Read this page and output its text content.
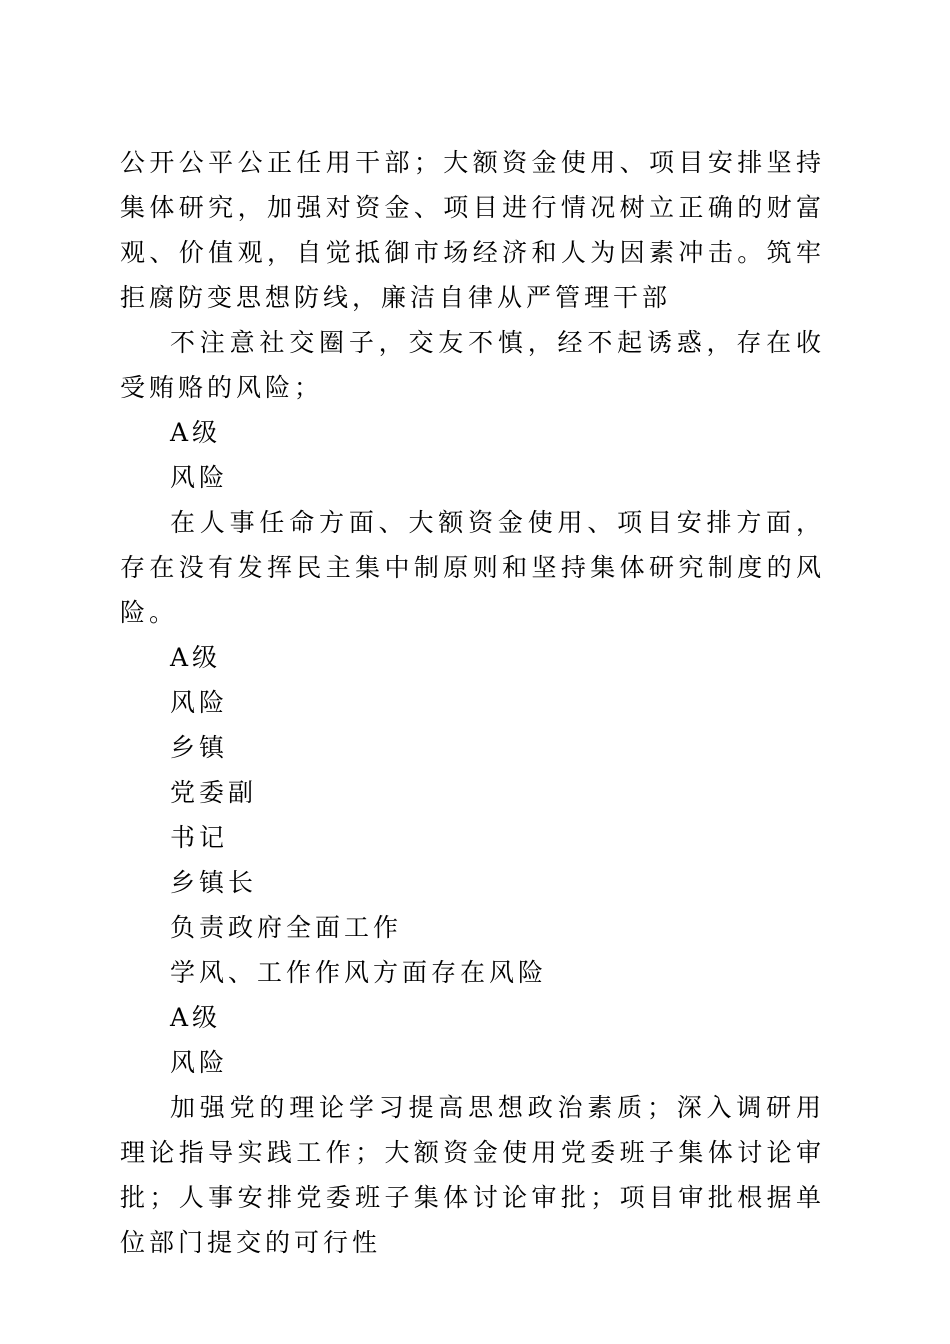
公开公平公正任用干部；大额资金使用、项目安排坚持集体研究，加强对资金、项目进行情况树立正确的财富观、价值观，自觉抵御市场经济和人为因素冲击。筑牢拒腐防变思想防线，廉洁自律从严管理干部

不注意社交圈子，交友不慎，经不起诱惑，存在收受贿赂的风险；

A级

风险

在人事任命方面、大额资金使用、项目安排方面，存在没有发挥民主集中制原则和坚持集体研究制度的风险。

A级

风险

乡镇

党委副

书记

乡镇长

负责政府全面工作

学风、工作作风方面存在风险

A级

风险

加强党的理论学习提高思想政治素质；深入调研用理论指导实践工作；大额资金使用党委班子集体讨论审批；人事安排党委班子集体讨论审批；项目审批根据单位部门提交的可行性
